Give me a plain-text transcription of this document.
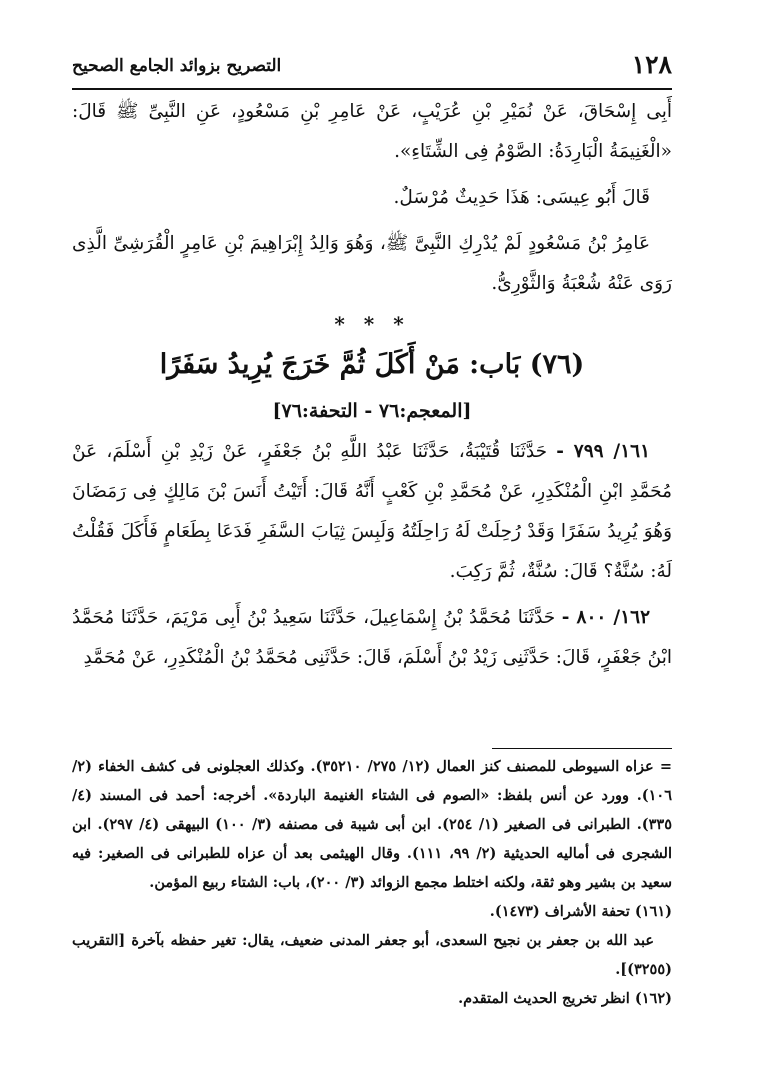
١٢٨
التصريح بزوائد الجامع الصحيح

أَبِى إِسْحَاقَ، عَنْ نُمَيْرِ بْنِ عُرَيْبٍ، عَنْ عَامِرِ بْنِ مَسْعُودٍ، عَنِ النَّبِىِّ ﷺ قَالَ: «الْغَنِيمَةُ الْبَارِدَةُ: الصَّوْمُ فِى الشِّتَاءِ».

قَالَ أَبُو عِيسَى: هَذَا حَدِيثٌ مُرْسَلٌ.

عَامِرُ بْنُ مَسْعُودٍ لَمْ يُدْرِكِ النَّبِىَّ ﷺ، وَهُوَ وَالِدُ إِبْرَاهِيمَ بْنِ عَامِرٍ الْقُرَشِىِّ الَّذِى رَوَى عَنْهُ شُعْبَةُ وَالثَّوْرِىُّ.

* * *
(٧٦) بَاب: مَنْ أَكَلَ ثُمَّ خَرَجَ يُرِيدُ سَفَرًا
[المعجم:٧٦ - التحفة:٧٦]

١٦١/ ٧٩٩ - حَدَّثَنَا قُتَيْبَةُ، حَدَّثَنَا عَبْدُ اللَّهِ بْنُ جَعْفَرٍ، عَنْ زَيْدِ بْنِ أَسْلَمَ، عَنْ مُحَمَّدِ ابْنِ الْمُنْكَدِرِ، عَنْ مُحَمَّدِ بْنِ كَعْبٍ أَنَّهُ قَالَ: أَتَيْتُ أَنَسَ بْنَ مَالِكٍ فِى رَمَضَانَ وَهُوَ يُرِيدُ سَفَرًا وَقَدْ رُحِلَتْ لَهُ رَاحِلَتُهُ وَلَبِسَ ثِيَابَ السَّفَرِ فَدَعَا بِطَعَامٍ فَأَكَلَ فَقُلْتُ لَهُ: سُنَّةٌ؟ قَالَ: سُنَّةٌ، ثُمَّ رَكِبَ.

١٦٢/ ٨٠٠ - حَدَّثَنَا مُحَمَّدُ بْنُ إِسْمَاعِيلَ، حَدَّثَنَا سَعِيدُ بْنُ أَبِى مَرْيَمَ، حَدَّثَنَا مُحَمَّدُ ابْنُ جَعْفَرٍ، قَالَ: حَدَّثَنِى زَيْدُ بْنُ أَسْلَمَ، قَالَ: حَدَّثَنِى مُحَمَّدُ بْنُ الْمُنْكَدِرِ، عَنْ مُحَمَّدِ

= عزاه السيوطى للمصنف كنز العمال (١٢/ ٢٧٥/ ٣٥٢١٠). وكذلك العجلونى فى كشف الخفاء (٢/ ١٠٦). وورد عن أنس بلفظ: «الصوم فى الشتاء الغنيمة الباردة». أخرجه: أحمد فى المسند (٤/ ٣٣٥). الطبرانى فى الصغير (١/ ٢٥٤). ابن أبى شيبة فى مصنفه (٣/ ١٠٠) البيهقى (٤/ ٢٩٧). ابن الشجرى فى أماليه الحديثية (٢/ ٩٩، ١١١). وقال الهيثمى بعد أن عزاه للطبرانى فى الصغير: فيه سعيد بن بشير وهو ثقة، ولكنه اختلط مجمع الزوائد (٣/ ٢٠٠)، باب: الشتاء ربيع المؤمن.

(١٦١) تحفة الأشراف (١٤٧٣).

عبد الله بن جعفر بن نجيح السعدى، أبو جعفر المدنى ضعيف، يقال: تغير حفظه بآخرة [التقريب (٣٢٥٥)].

(١٦٢) انظر تخريج الحديث المتقدم.
